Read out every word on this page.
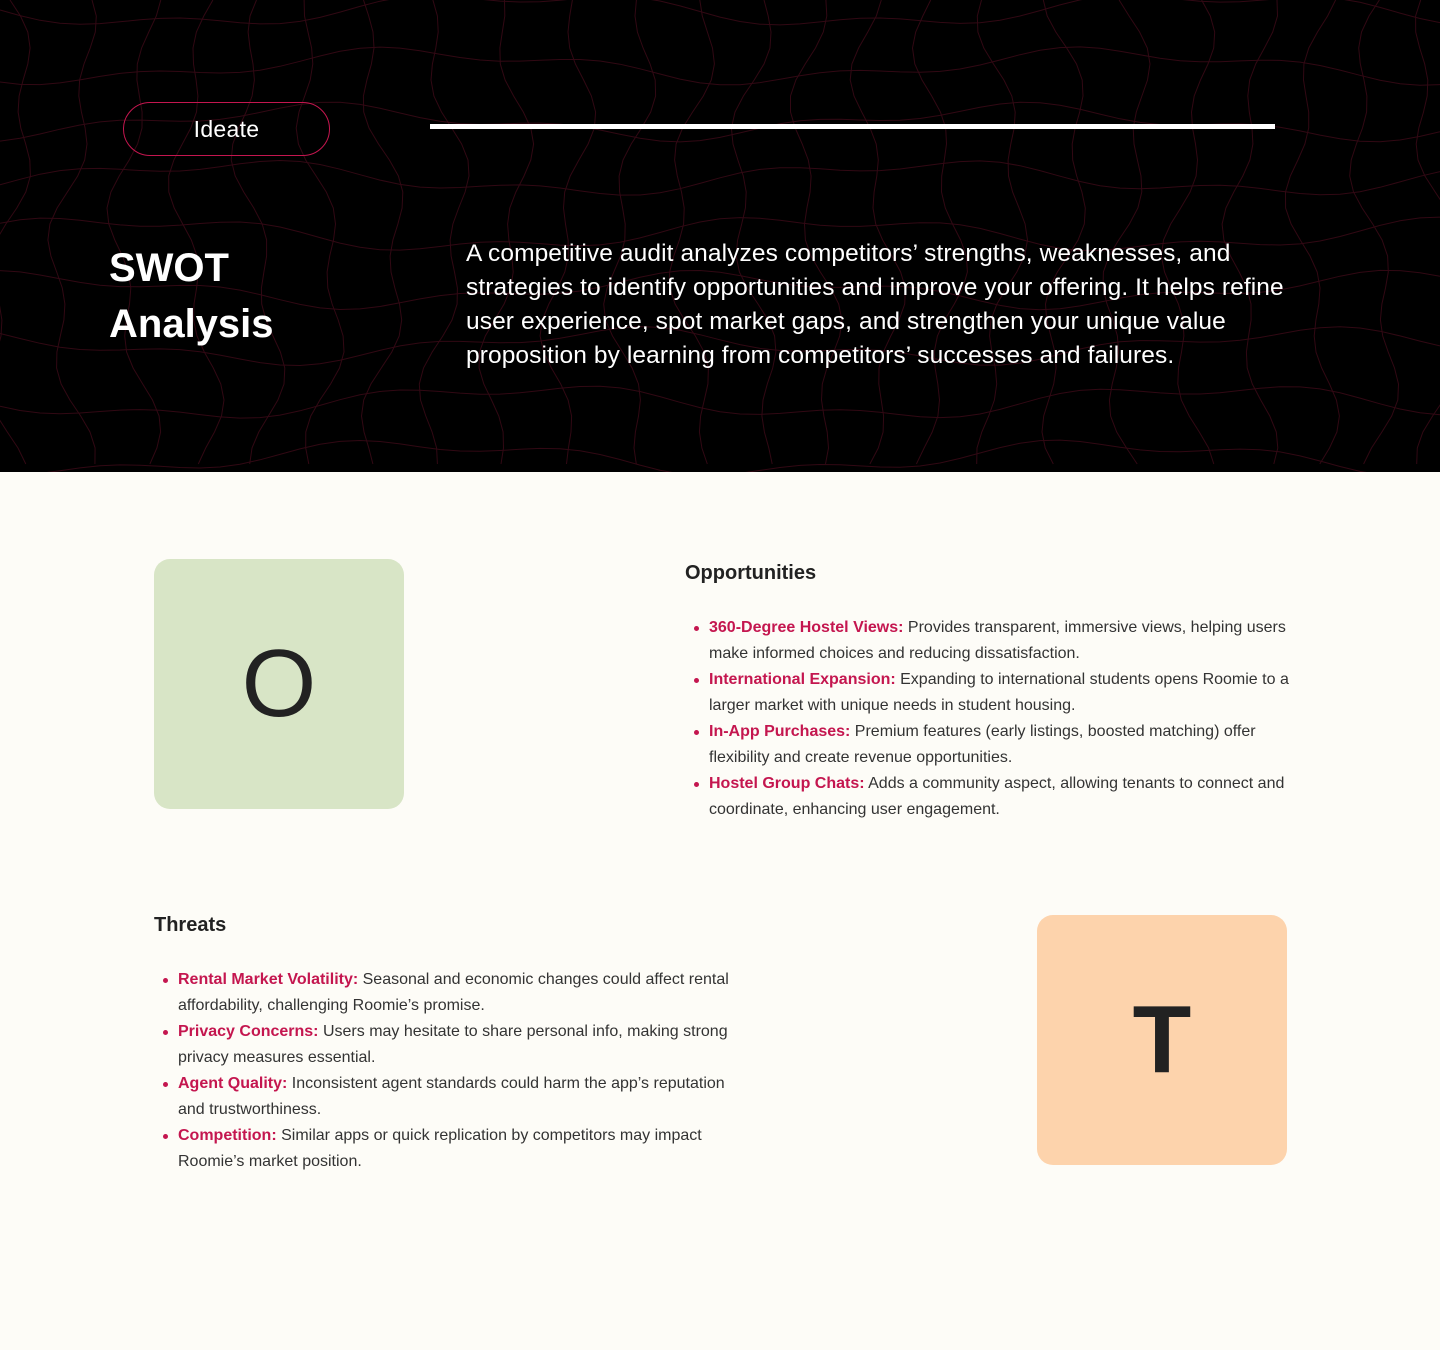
Ideate
SWOT
Analysis

A competitive audit analyzes competitors’ strengths, weaknesses, and strategies to identify opportunities and improve your offering. It helps refine user experience, spot market gaps, and strengthen your unique value proposition by learning from competitors’ successes and failures.

O
Opportunities
360-Degree Hostel Views: Provides transparent, immersive views, helping users make informed choices and reducing dissatisfaction.
International Expansion: Expanding to international students opens Roomie to a larger market with unique needs in student housing.
In-App Purchases: Premium features (early listings, boosted matching) offer flexibility and create revenue opportunities.
Hostel Group Chats: Adds a community aspect, allowing tenants to connect and coordinate, enhancing user engagement.
Threats
Rental Market Volatility: Seasonal and economic changes could affect rental affordability, challenging Roomie’s promise.
Privacy Concerns: Users may hesitate to share personal info, making strong privacy measures essential.
Agent Quality: Inconsistent agent standards could harm the app’s reputation and trustworthiness.
Competition: Similar apps or quick replication by competitors may impact Roomie’s market position.
T
